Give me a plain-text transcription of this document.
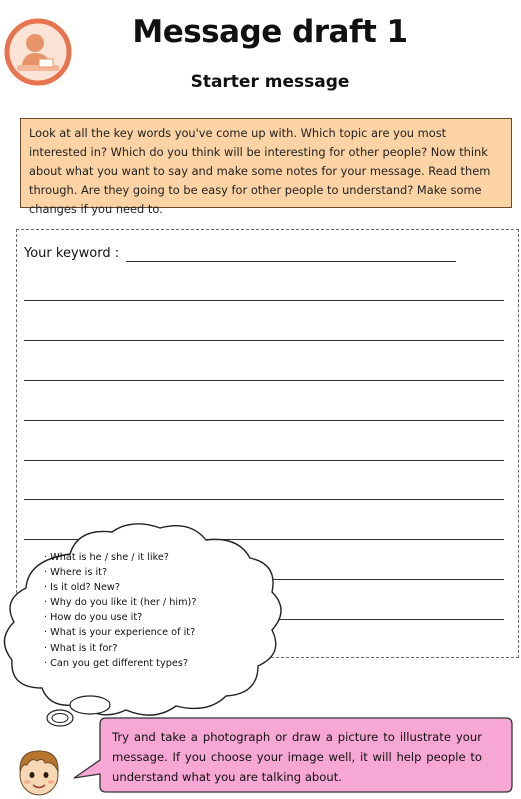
Message draft 1
Starter message
Look at all the key words you've come up with. Which topic are you most interested in? Which do you think will be interesting for other people? Now think about what you want to say and make some notes for your message. Read them through. Are they going to be easy for other people to understand? Make some changes if you need to.
Your keyword :
· What is he / she / it like?
· Where is it?
· Is it old? New?
· Why do you like it (her / him)?
· How do you use it?
· What is your experience of it?
· What is it for?
· Can you get different types?
Try and take a photograph or draw a picture to illustrate your message. If you choose your image well, it will help people to understand what you are talking about.
